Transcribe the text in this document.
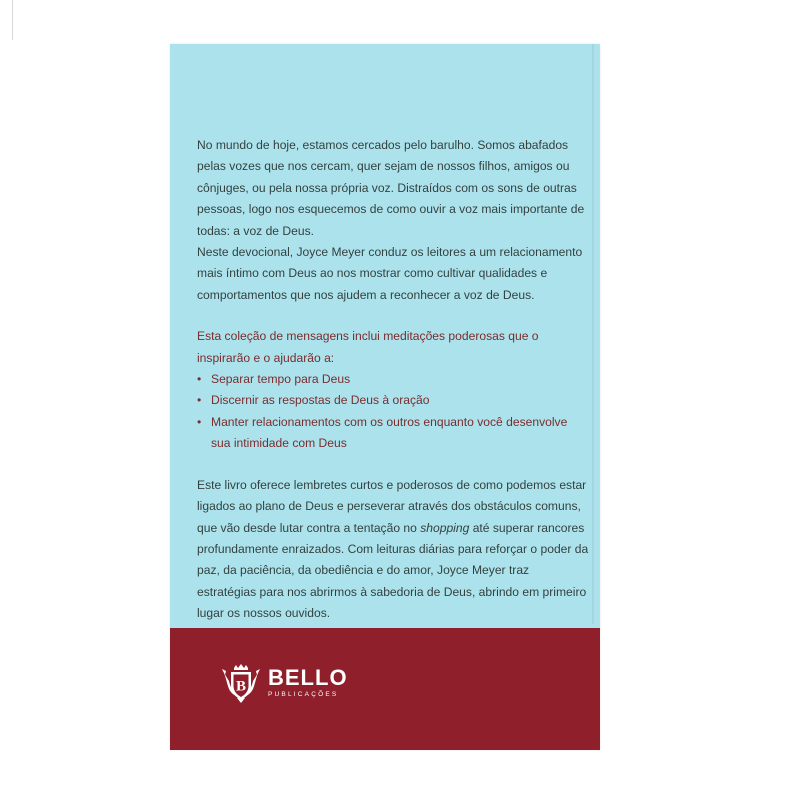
No mundo de hoje, estamos cercados pelo barulho. Somos abafados pelas vozes que nos cercam, quer sejam de nossos filhos, amigos ou cônjuges, ou pela nossa própria voz. Distraídos com os sons de outras pessoas, logo nos esquecemos de como ouvir a voz mais importante de todas: a voz de Deus.

Neste devocional, Joyce Meyer conduz os leitores a um relacionamento mais íntimo com Deus ao nos mostrar como cultivar qualidades e comportamentos que nos ajudem a reconhecer a voz de Deus.

Esta coleção de mensagens inclui meditações poderosas que o inspirarão e o ajudarão a:

• Separar tempo para Deus
• Discernir as respostas de Deus à oração
• Manter relacionamentos com os outros enquanto você desenvolve sua intimidade com Deus

Este livro oferece lembretes curtos e poderosos de como podemos estar ligados ao plano de Deus e perseverar através dos obstáculos comuns, que vão desde lutar contra a tentação no shopping até superar rancores profundamente enraizados. Com leituras diárias para reforçar o poder da paz, da paciência, da obediência e do amor, Joyce Meyer traz estratégias para nos abrirmos à sabedoria de Deus, abrindo em primeiro lugar os nossos ouvidos.

B BELLO
PUBLICAÇÕES
